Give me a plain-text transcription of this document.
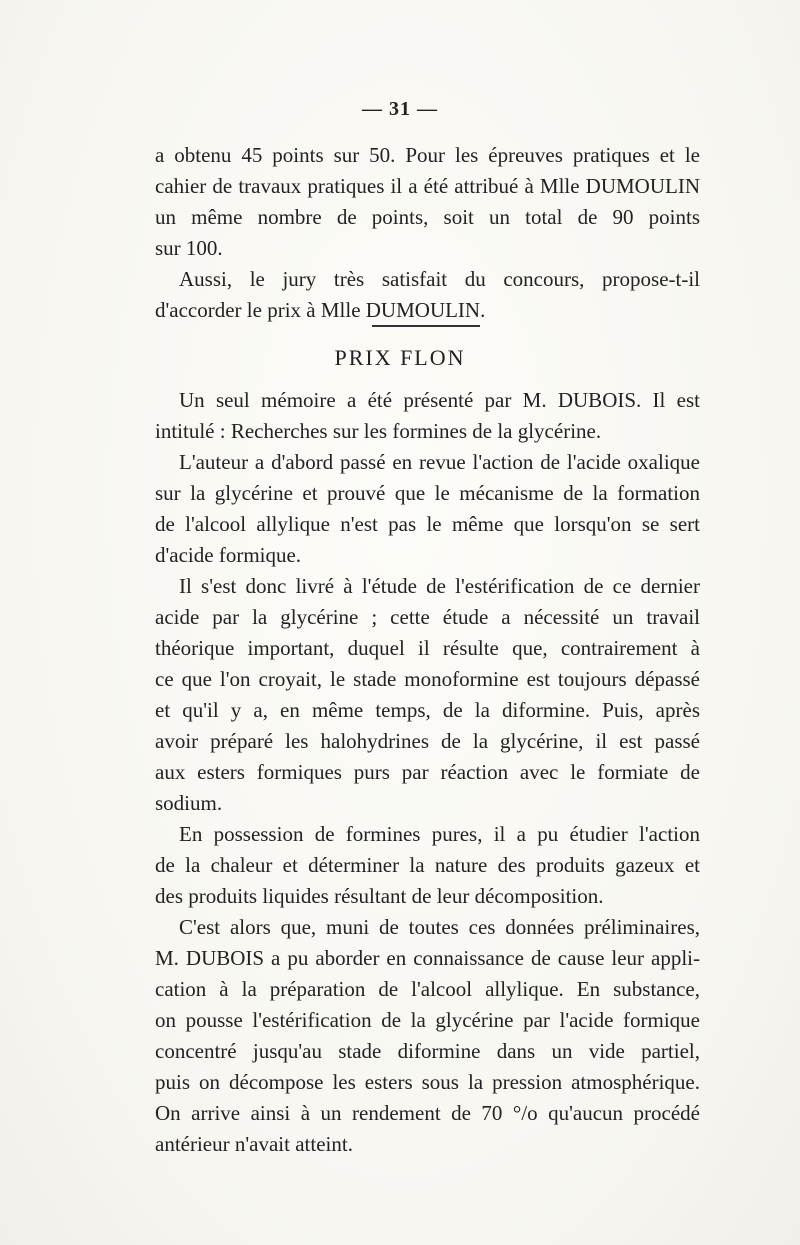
— 31 —
a obtenu 45 points sur 50. Pour les épreuves pratiques et le
cahier de travaux pratiques il a été attribué à Mlle DUMOULIN
un même nombre de points, soit un total de 90 points
sur 100.
Aussi, le jury très satisfait du concours, propose-t-il
d'accorder le prix à Mlle DUMOULIN.
PRIX FLON
Un seul mémoire a été présenté par M. DUBOIS. Il est
intitulé : Recherches sur les formines de la glycérine.
L'auteur a d'abord passé en revue l'action de l'acide oxalique
sur la glycérine et prouvé que le mécanisme de la formation
de l'alcool allylique n'est pas le même que lorsqu'on se sert
d'acide formique.
Il s'est donc livré à l'étude de l'estérification de ce dernier
acide par la glycérine ; cette étude a nécessité un travail
théorique important, duquel il résulte que, contrairement à
ce que l'on croyait, le stade monoformine est toujours dépassé
et qu'il y a, en même temps, de la diformine. Puis, après
avoir préparé les halohydrines de la glycérine, il est passé
aux esters formiques purs par réaction avec le formiate de
sodium.
En possession de formines pures, il a pu étudier l'action
de la chaleur et déterminer la nature des produits gazeux et
des produits liquides résultant de leur décomposition.
C'est alors que, muni de toutes ces données préliminaires,
M. DUBOIS a pu aborder en connaissance de cause leur appli-
cation à la préparation de l'alcool allylique. En substance,
on pousse l'estérification de la glycérine par l'acide formique
concentré jusqu'au stade diformine dans un vide partiel,
puis on décompose les esters sous la pression atmosphérique.
On arrive ainsi à un rendement de 70 °/o qu'aucun procédé
antérieur n'avait atteint.
